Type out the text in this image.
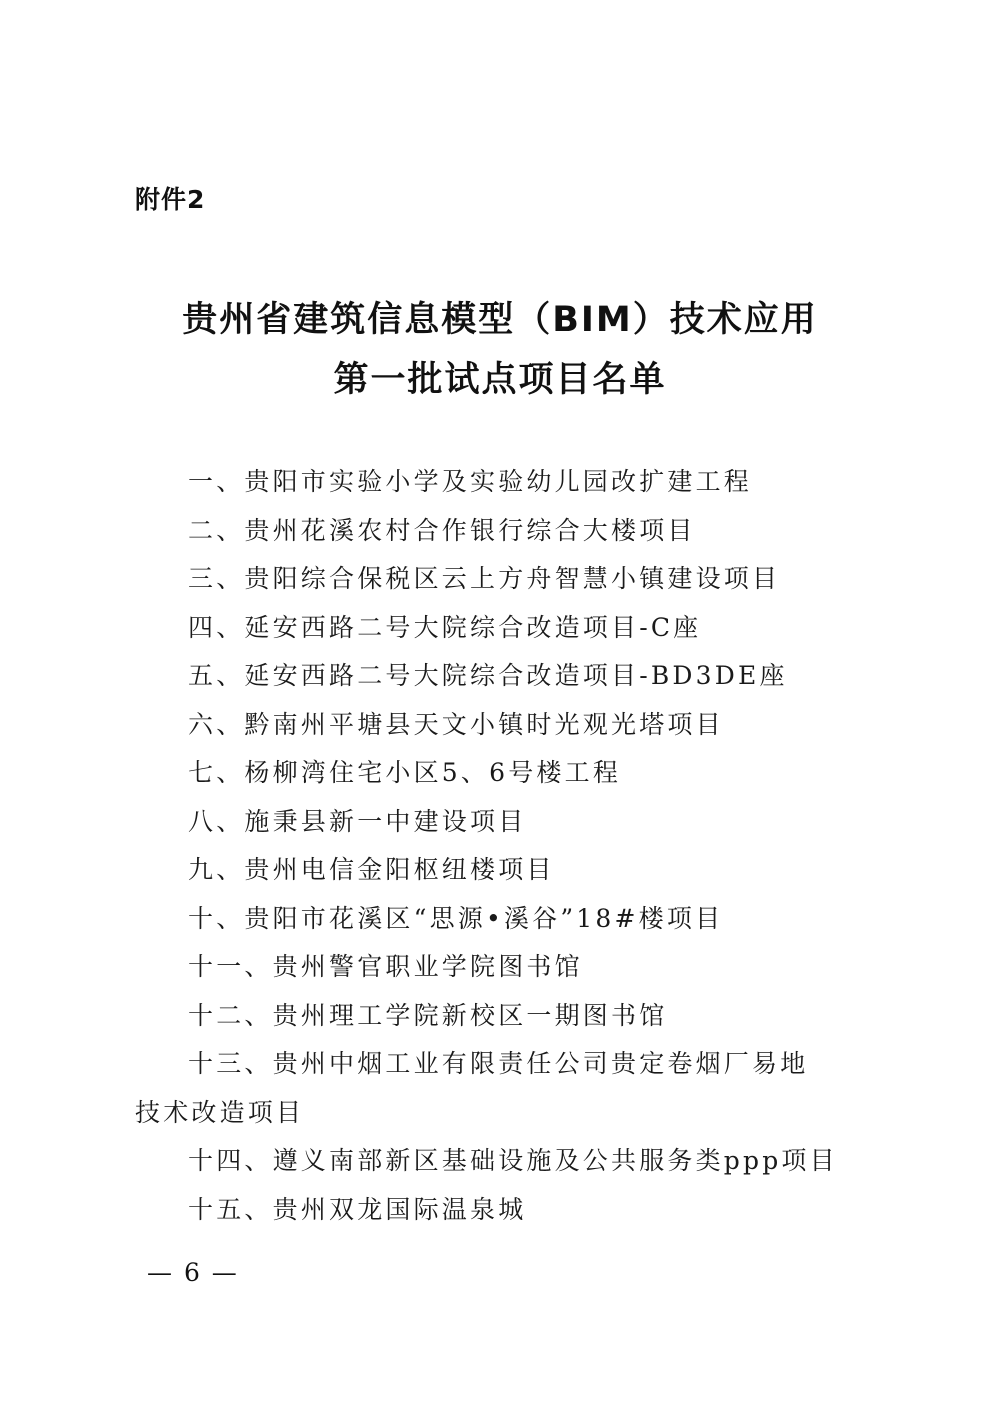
附件2
贵州省建筑信息模型（BIM）技术应用
第一批试点项目名单
一、贵阳市实验小学及实验幼儿园改扩建工程
二、贵州花溪农村合作银行综合大楼项目
三、贵阳综合保税区云上方舟智慧小镇建设项目
四、延安西路二号大院综合改造项目-C座
五、延安西路二号大院综合改造项目-BD3DE座
六、黔南州平塘县天文小镇时光观光塔项目
七、杨柳湾住宅小区5、6号楼工程
八、施秉县新一中建设项目
九、贵州电信金阳枢纽楼项目
十、贵阳市花溪区“思源•溪谷”18#楼项目
十一、贵州警官职业学院图书馆
十二、贵州理工学院新校区一期图书馆
十三、贵州中烟工业有限责任公司贵定卷烟厂易地技术改造项目
十四、遵义南部新区基础设施及公共服务类ppp项目
十五、贵州双龙国际温泉城
— 6 —
